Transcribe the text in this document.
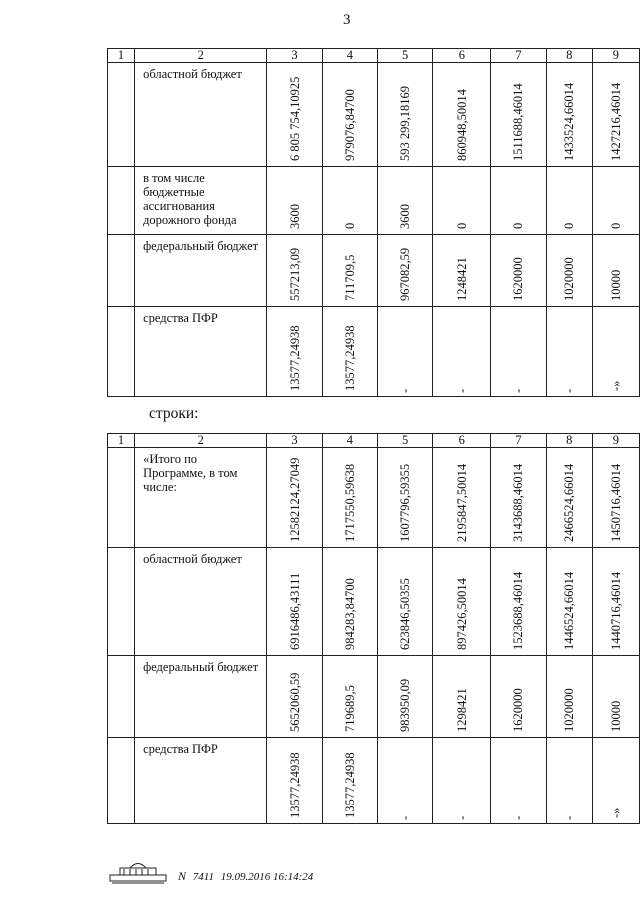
3
1	2	3	4	5	6	7	8	9
	областной бюджет	6 805 754,10925	979076,84700	593 299,18169	860948,50014	1511688,46014	1433524,66014	1427216,46014

	в том числе бюджетные ассигнования дорожного фонда	3600	0	3600	0	0	0	0

	федеральный бюджет	557213,09	711709,5	967082,59	1248421	1620000	1020000	10000

	средства ПФР	13577,24938	13577,24938	-	-	-	-	-»
строки:
1	2	3	4	5	6	7	8	9
	«Итого по Программе, в том числе:	12582124,27049	1717550,59638	1607796,59355	2195847,50014	3143688,46014	2466524,66014	1450716,46014

	областной бюджет	6916486,43111	984283,84700	623846,50355	897426,50014	1523688,46014	1446524,66014	1440716,46014

	федеральный бюджет	5652060,59	719689,5	983950,09	1298421	1620000	1020000	10000

	средства ПФР	13577,24938	13577,24938	-	-	-	-	-»
N 7411 19.09.2016 16:14:24
